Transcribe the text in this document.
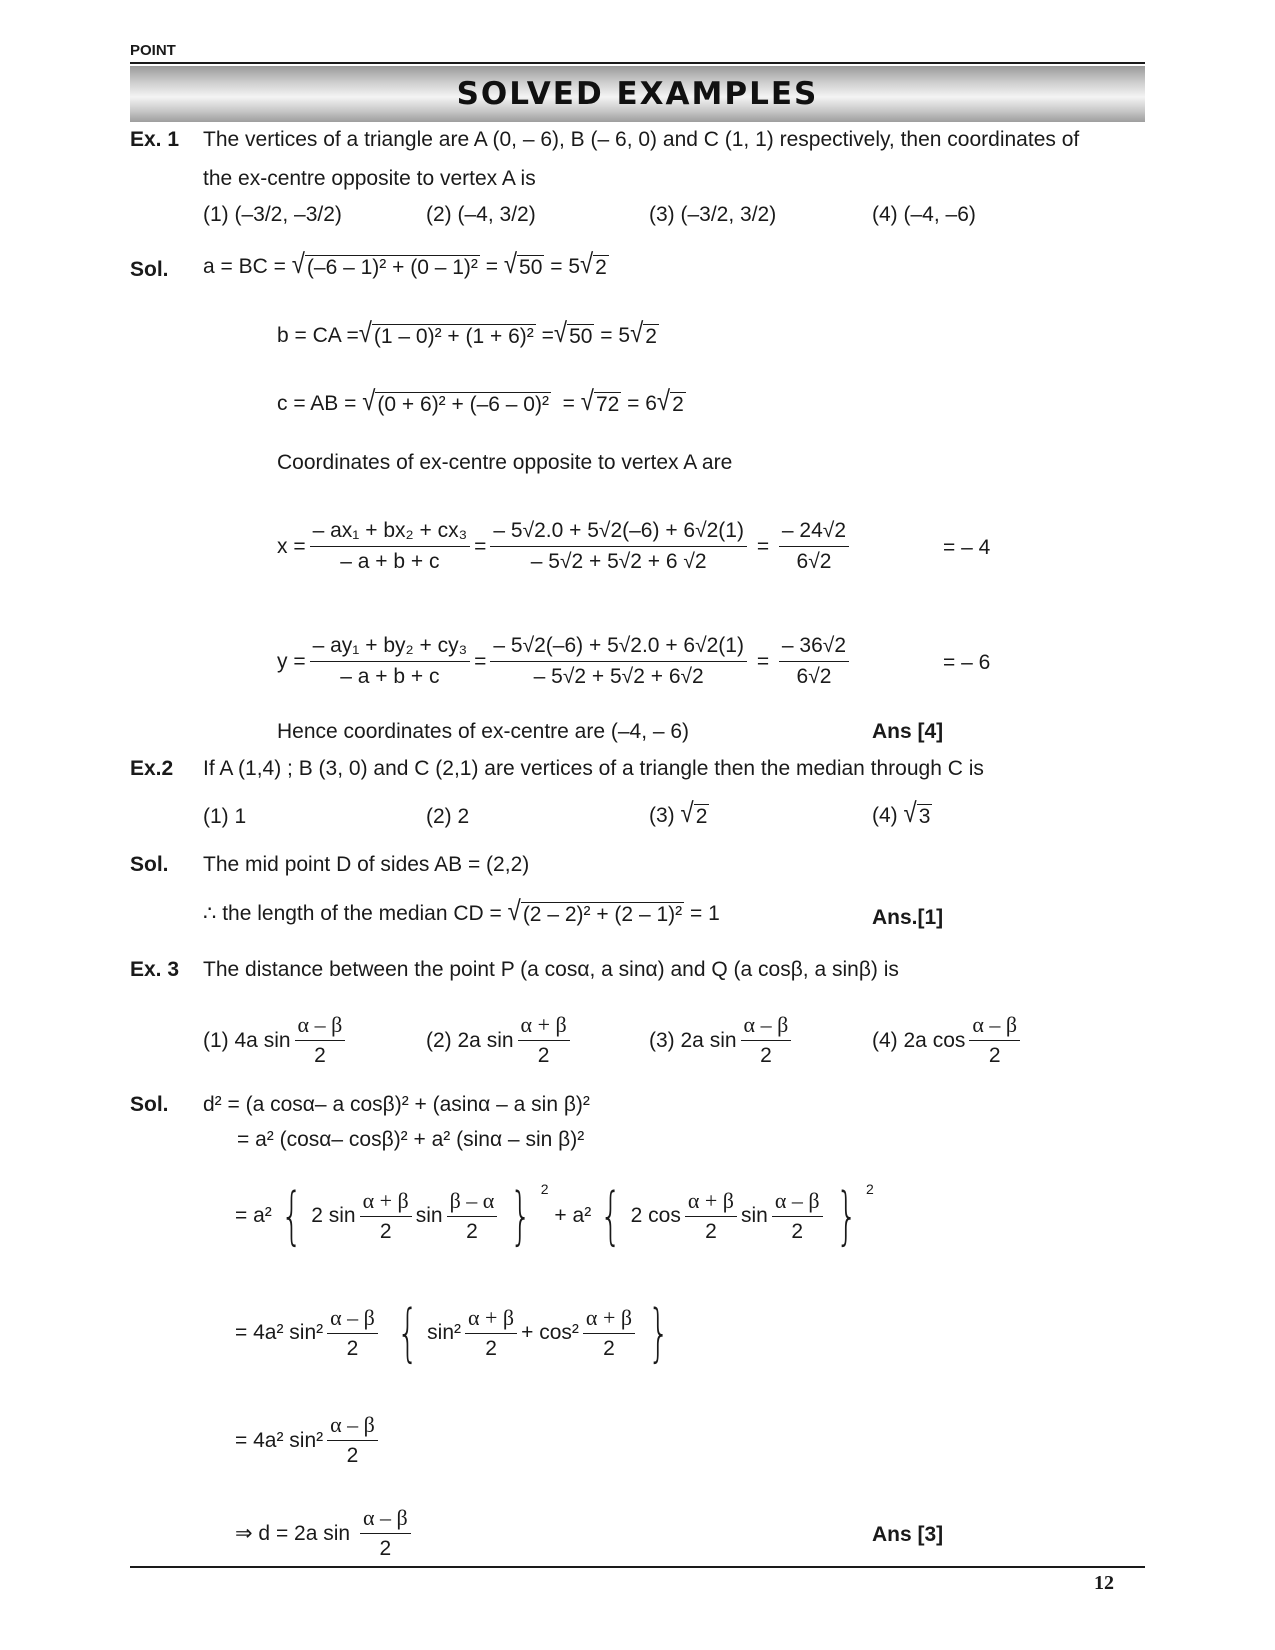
POINT
SOLVED EXAMPLES
Ex. 1 The vertices of a triangle are A (0, – 6), B (– 6, 0) and C (1, 1) respectively, then coordinates of
the ex-centre opposite to vertex A is
(1) (–3/2, –3/2)	(2) (–4, 3/2)	(3) (–3/2, 3/2)	(4) (–4, –6)
Sol. a = BC =
√ (–6 – 1)² + (0 – 1)²
=
√ 50
= 5 √ 2
b = CA = √ (1 – 0)² + (1 + 6)²
= √ 50
= 5 √ 2
c = AB =
√ (0 + 6)² + (–6 – 0)²
=
√ 72
= 6 √ 2
Coordinates of ex-centre opposite to vertex A are
$x = \frac{\text{– ax₁ + bx₂ + cx₃}}{- a + b + c} = \frac{- 5√2.0 + 5√2(-6) + 6√2(1)}{- 5√2 + 5√2 + 6 √2}$
=
$\frac{- 24√2}{6√2}$	= – 4
$y = \frac{\text{– ay₁ + by₂ + cy₃}}{- a + b + c} = \frac{- 5√2(-6) + 5√2.0 + 6√2(1)}{- 5√2 + 5√2 + 6√2}$
=
$\frac{- 36√2}{6√2}$	= – 6
Hence coordinates of ex-centre are (–4, – 6)	Ans [4]
Ex.2 If A (1,4) ; B (3, 0) and C (2,1) are vertices of a triangle then the median through C is
(1) 1	(2) 2	(3)
√ 2	(4)
√ 3
Sol. The mid point D of sides AB = (2,2)
∴ the length of the median CD =
√ (2 – 2)² + (2 – 1)²
= 1	Ans.[1]
Ex. 3 The distance between the point P (a cosα, a sinα) and Q (a cosβ, a sinβ) is
(1) 4a $\sin \frac{\alpha - \beta}{2}$	(2) 2a $\sin \frac{\alpha + \beta}{2}$	(3) 2a $\sin \frac{\alpha - \beta}{2}$	(4) 2a $\cos \frac{\alpha - \beta}{2}$
Sol. d² = (a cosα– a cosβ)² + (asinα – a sin β)²
= a² (cosα– cosβ)² + a² (sinα – sin β)²
= a² { 2 $\sin \frac{\alpha + \beta}{2}$ $\sin \frac{\beta - \alpha}{2}$ } 2

+ a² { 2 $\cos \frac{\alpha + \beta}{2}$ $\sin \frac{\alpha - \beta}{2}$ } 2
= 4a² $\sin^2 \frac{\alpha - \beta}{2}$
{ $\sin^2 \frac{\alpha + \beta}{2} + \cos^2 \frac{\alpha + \beta}{2}$ }
= 4a² $\sin^2 \frac{\alpha - \beta}{2}$
⇒ d = 2a sin
$\frac{\alpha - \beta}{2}$	Ans [3]
12
